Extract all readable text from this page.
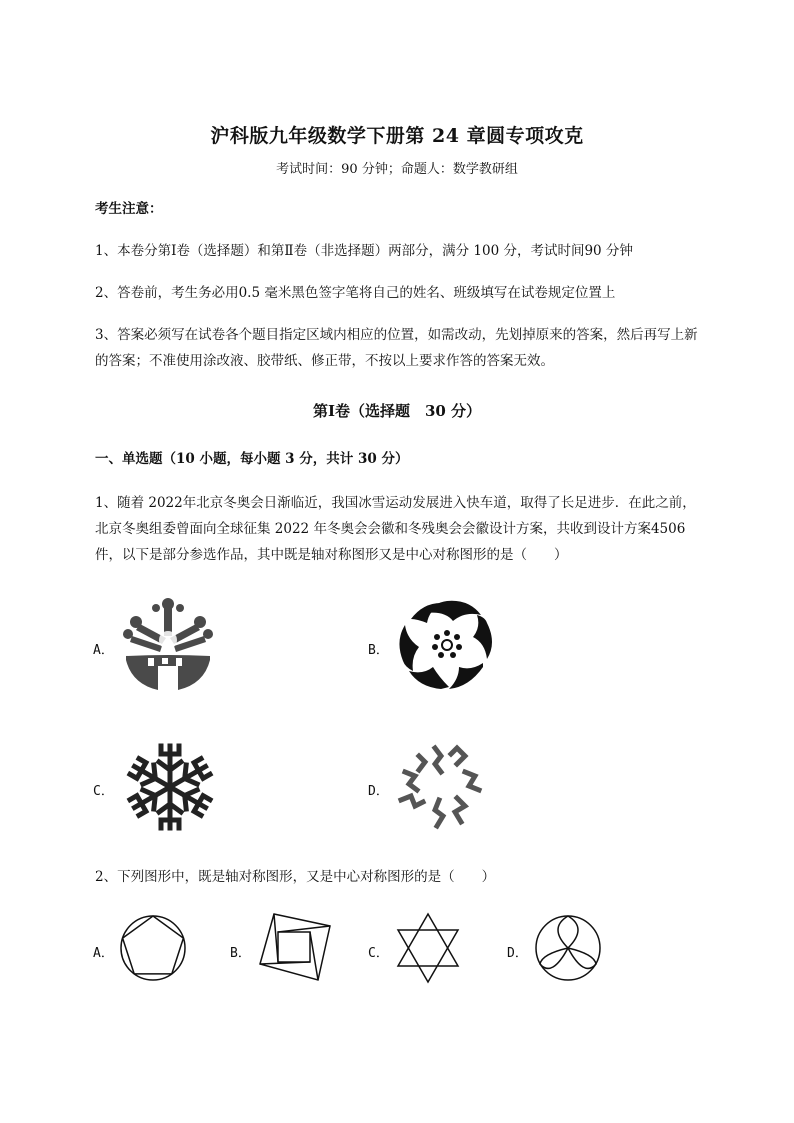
沪科版九年级数学下册第 24 章圆专项攻克
考试时间：90 分钟；命题人：数学教研组
考生注意：
1、本卷分第Ⅰ卷（选择题）和第Ⅱ卷（非选择题）两部分，满分 100 分，考试时间90 分钟
2、答卷前，考生务必用0.5 毫米黑色签字笔将自己的姓名、班级填写在试卷规定位置上
3、答案必须写在试卷各个题目指定区域内相应的位置，如需改动，先划掉原来的答案，然后再写上新
的答案；不准使用涂改液、胶带纸、修正带，不按以上要求作答的答案无效。
第Ⅰ卷（选择题　30 分）
一、单选题（10 小题，每小题 3 分，共计 30 分）
1、随着 2022年北京冬奥会日渐临近，我国冰雪运动发展进入快车道，取得了长足进步．在此之前，
北京冬奥组委曾面向全球征集 2022 年冬奥会会徽和冬残奥会会徽设计方案，共收到设计方案4506
件，以下是部分参选作品，其中既是轴对称图形又是中心对称图形的是（　　）
A．	B．
C．	D．
2、下列图形中，既是轴对称图形，又是中心对称图形的是（　　）
A．	B．	C．	D．
